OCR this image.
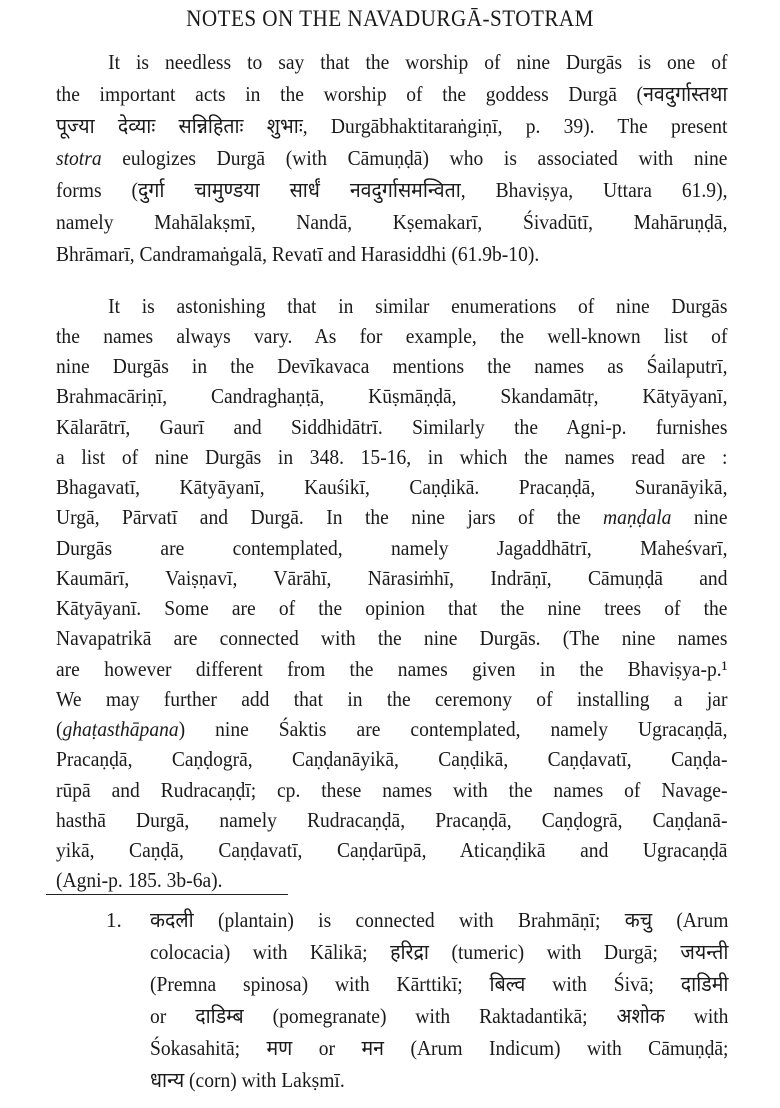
NOTES ON THE NAVADURGĀ-STOTRAM
It is needless to say that the worship of nine Durgās is one of
the important acts in the worship of the goddess Durgā (नवदुर्गास्तथा
पूज्या देव्याः सन्निहिताः शुभाः, Durgābhaktitaraṅgiṇī, p. 39). The present
stotra eulogizes Durgā (with Cāmuṇḍā) who is associated with nine
forms (दुर्गा चामुण्डया सार्धं नवदुर्गासमन्विता, Bhaviṣya, Uttara 61.9),
namely Mahālakṣmī, Nandā, Kṣemakarī, Śivadūtī, Mahāruṇḍā,
Bhrāmarī, Candramaṅgalā, Revatī and Harasiddhi (61.9b-10).
It is astonishing that in similar enumerations of nine Durgās
the names always vary. As for example, the well-known list of
nine Durgās in the Devīkavaca mentions the names as Śailaputrī,
Brahmacāriṇī, Candraghaṇṭā, Kūṣmāṇḍā, Skandamātṛ, Kātyāyanī,
Kālarātrī, Gaurī and Siddhidātrī. Similarly the Agni-p. furnishes
a list of nine Durgās in 348. 15-16, in which the names read are :
Bhagavatī, Kātyāyanī, Kauśikī, Caṇḍikā. Pracaṇḍā, Suranāyikā,
Urgā, Pārvatī and Durgā. In the nine jars of the maṇḍala nine
Durgās are contemplated, namely Jagaddhātrī, Maheśvarī,
Kaumārī, Vaiṣṇavī, Vārāhī, Nārasiṁhī, Indrāṇī, Cāmuṇḍā and
Kātyāyanī. Some are of the opinion that the nine trees of the
Navapatrikā are connected with the nine Durgās. (The nine names
are however different from the names given in the Bhaviṣya-p.¹
We may further add that in the ceremony of installing a jar
(ghaṭasthāpana) nine Śaktis are contemplated, namely Ugracaṇḍā,
Pracaṇḍā, Caṇḍogrā, Caṇḍanāyikā, Caṇḍikā, Caṇḍavatī, Caṇḍa-
rūpā and Rudracaṇḍī; cp. these names with the names of Navage-
hasthā Durgā, namely Rudracaṇḍā, Pracaṇḍā, Caṇḍogrā, Caṇḍanā-
yikā, Caṇḍā, Caṇḍavatī, Caṇḍarūpā, Aticaṇḍikā and Ugracaṇḍā
(Agni-p. 185. 3b-6a).
1. कदली (plantain) is connected with Brahmāṇī; कचु (Arum
colocacia) with Kālikā; हरिद्रा (tumeric) with Durgā; जयन्ती
(Premna spinosa) with Kārttikī; बिल्व with Śivā; दाडिमी
or दाडिम्ब (pomegranate) with Raktadantikā; अशोक with
Śokasahitā; मण or मन (Arum Indicum) with Cāmuṇḍā;
धान्य (corn) with Lakṣmī.
